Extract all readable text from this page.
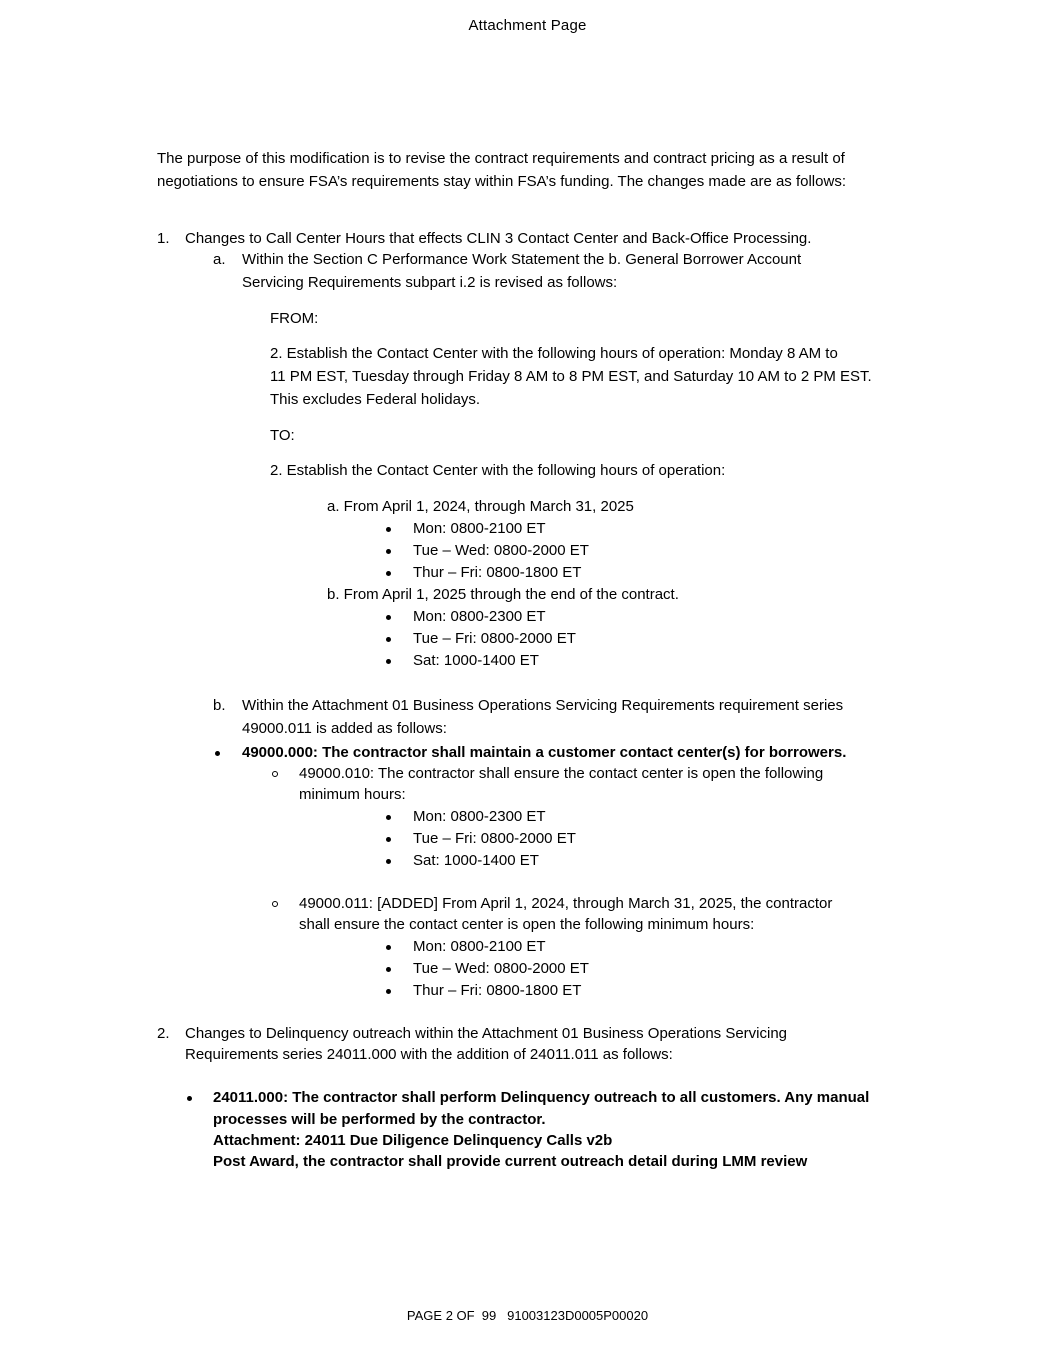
Attachment Page
The purpose of this modification is to revise the contract requirements and contract pricing as a result of
negotiations to ensure FSA’s requirements stay within FSA’s funding. The changes made are as follows:
1. Changes to Call Center Hours that effects CLIN 3 Contact Center and Back-Office Processing.
a. Within the Section C Performance Work Statement the b. General Borrower Account
Servicing Requirements subpart i.2 is revised as follows:
FROM:
2. Establish the Contact Center with the following hours of operation: Monday 8 AM to
11 PM EST, Tuesday through Friday 8 AM to 8 PM EST, and Saturday 10 AM to 2 PM EST.
This excludes Federal holidays.
TO:
2. Establish the Contact Center with the following hours of operation:
a. From April 1, 2024, through March 31, 2025
Mon: 0800-2100 ET
Tue – Wed: 0800-2000 ET
Thur – Fri: 0800-1800 ET
b. From April 1, 2025 through the end of the contract.
Mon: 0800-2300 ET
Tue – Fri: 0800-2000 ET
Sat: 1000-1400 ET
b. Within the Attachment 01 Business Operations Servicing Requirements requirement series
49000.011 is added as follows:
49000.000: The contractor shall maintain a customer contact center(s) for borrowers.
49000.010: The contractor shall ensure the contact center is open the following
minimum hours:
Mon: 0800-2300 ET
Tue – Fri: 0800-2000 ET
Sat: 1000-1400 ET
49000.011: [ADDED] From April 1, 2024, through March 31, 2025, the contractor
shall ensure the contact center is open the following minimum hours:
Mon: 0800-2100 ET
Tue – Wed: 0800-2000 ET
Thur – Fri: 0800-1800 ET
2. Changes to Delinquency outreach within the Attachment 01 Business Operations Servicing
Requirements series 24011.000 with the addition of 24011.011 as follows:
24011.000: The contractor shall perform Delinquency outreach to all customers. Any manual
processes will be performed by the contractor.
Attachment: 24011 Due Diligence Delinquency Calls v2b
Post Award, the contractor shall provide current outreach detail during LMM review
PAGE 2 OF  99   91003123D0005P00020
